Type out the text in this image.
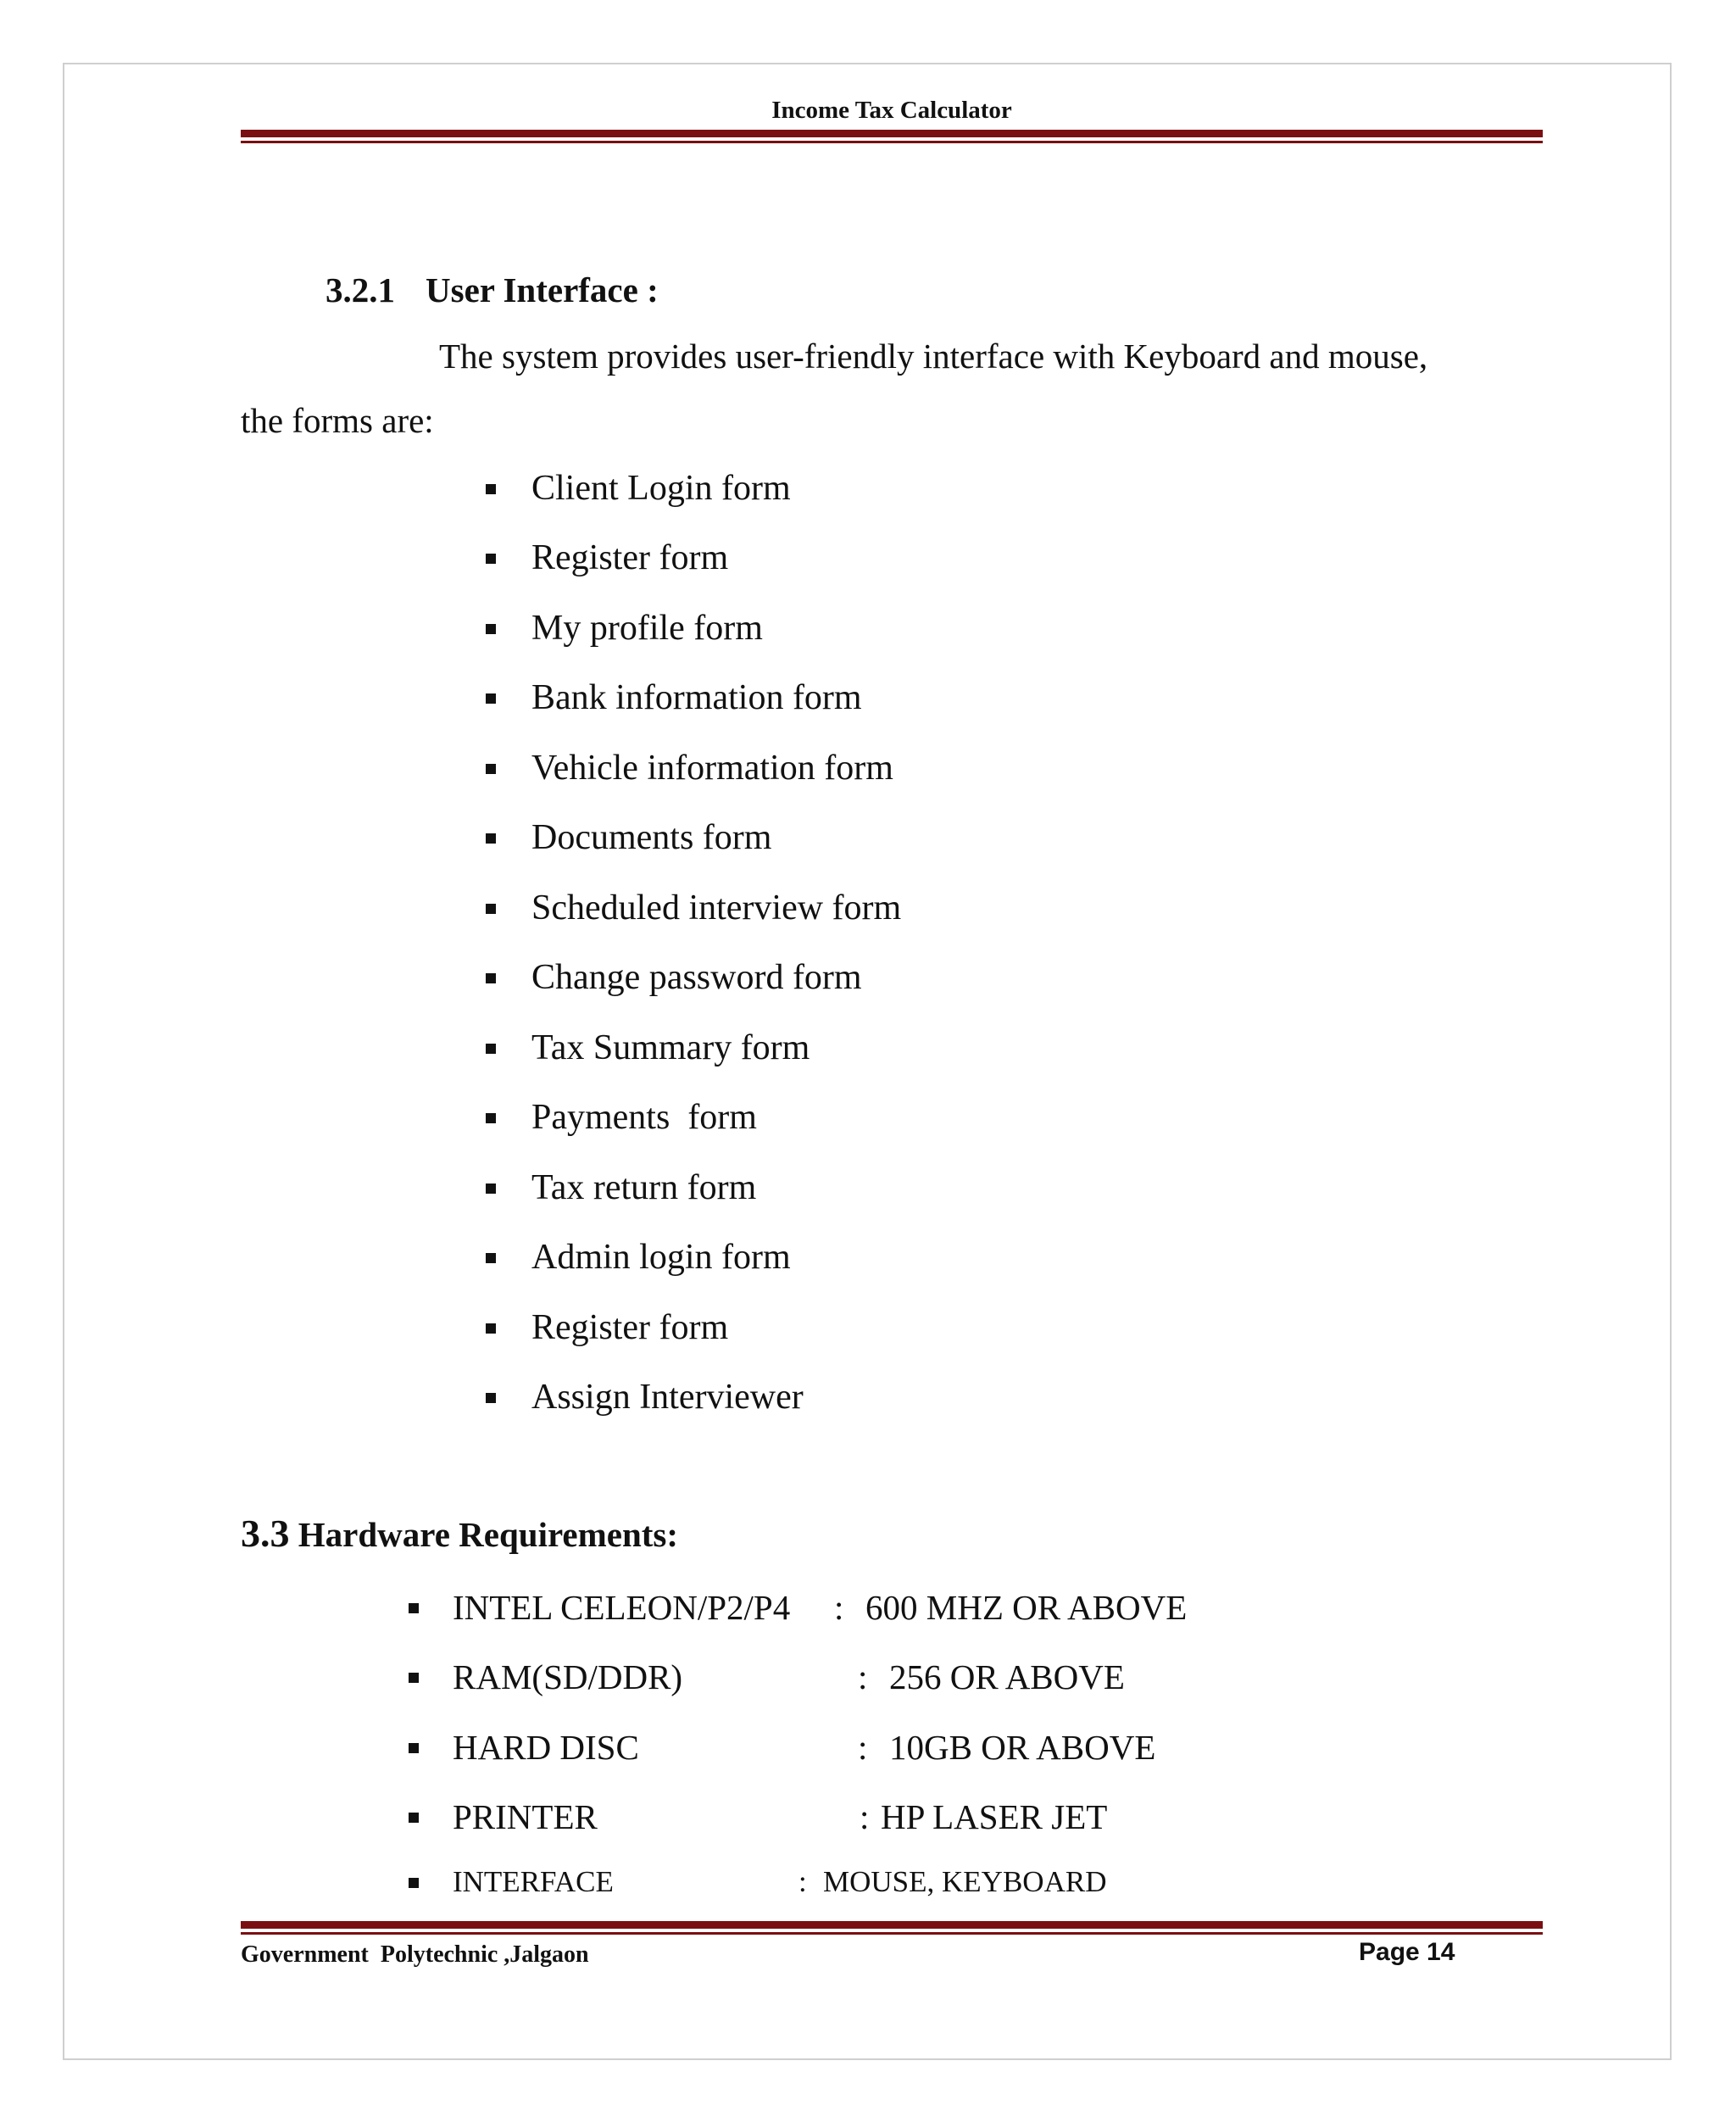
Income Tax Calculator
3.2.1 User Interface :
The system provides user-friendly interface with Keyboard and mouse,
the forms are:
Client Login form
Register form
My profile form
Bank information form
Vehicle information form
Documents form
Scheduled interview form
Change password form
Tax Summary form
Payments  form
Tax return form
Admin login form
Register form
Assign Interviewer
3.3 Hardware Requirements:
INTEL CELEON/P2/P4 : 600 MHZ OR ABOVE
RAM(SD/DDR)	: 256 OR ABOVE
HARD DISC	: 10GB OR ABOVE
PRINTER	: HP LASER JET
INTERFACE	: MOUSE, KEYBOARD
Government  Polytechnic ,Jalgaon	Page 14
